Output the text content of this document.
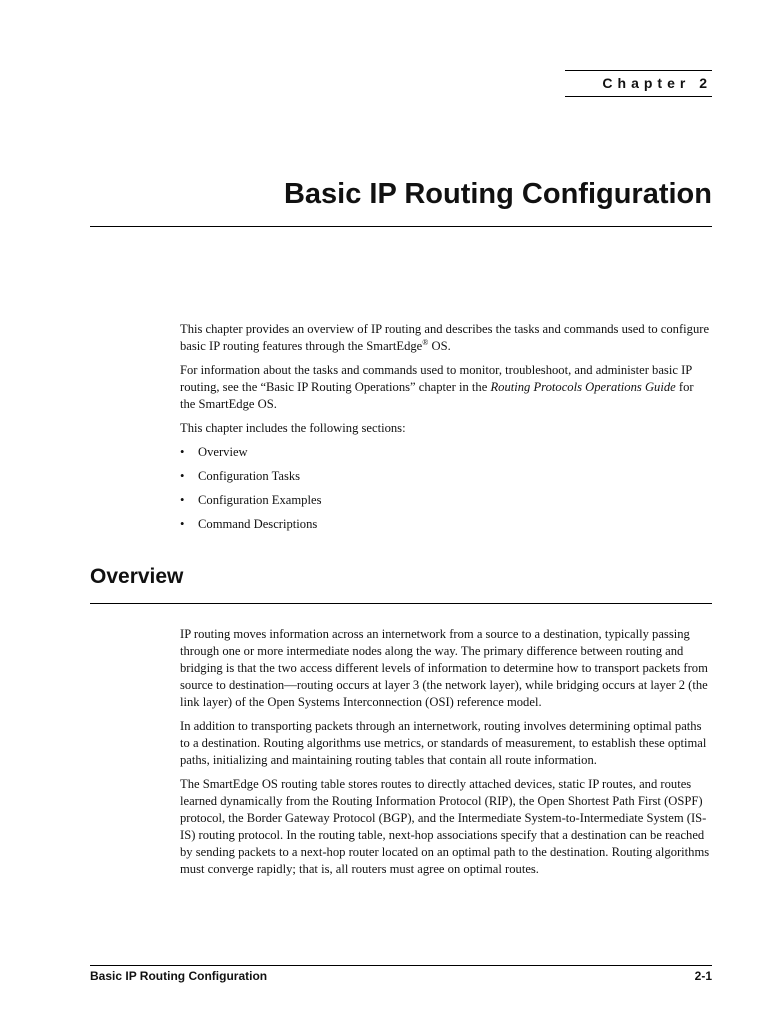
Chapter 2
Basic IP Routing Configuration

This chapter provides an overview of IP routing and describes the tasks and commands used to configure basic IP routing features through the SmartEdge® OS.

For information about the tasks and commands used to monitor, troubleshoot, and administer basic IP routing, see the “Basic IP Routing Operations” chapter in the Routing Protocols Operations Guide for the SmartEdge OS.

This chapter includes the following sections:

• Overview
• Configuration Tasks
• Configuration Examples
• Command Descriptions
Overview

IP routing moves information across an internetwork from a source to a destination, typically passing through one or more intermediate nodes along the way. The primary difference between routing and bridging is that the two access different levels of information to determine how to transport packets from source to destination—routing occurs at layer 3 (the network layer), while bridging occurs at layer 2 (the link layer) of the Open Systems Interconnection (OSI) reference model.

In addition to transporting packets through an internetwork, routing involves determining optimal paths to a destination. Routing algorithms use metrics, or standards of measurement, to establish these optimal paths, initializing and maintaining routing tables that contain all route information.

The SmartEdge OS routing table stores routes to directly attached devices, static IP routes, and routes learned dynamically from the Routing Information Protocol (RIP), the Open Shortest Path First (OSPF) protocol, the Border Gateway Protocol (BGP), and the Intermediate System-to-Intermediate System (IS-IS) routing protocol. In the routing table, next-hop associations specify that a destination can be reached by sending packets to a next-hop router located on an optimal path to the destination. Routing algorithms must converge rapidly; that is, all routers must agree on optimal routes.

Basic IP Routing Configuration	2-1
